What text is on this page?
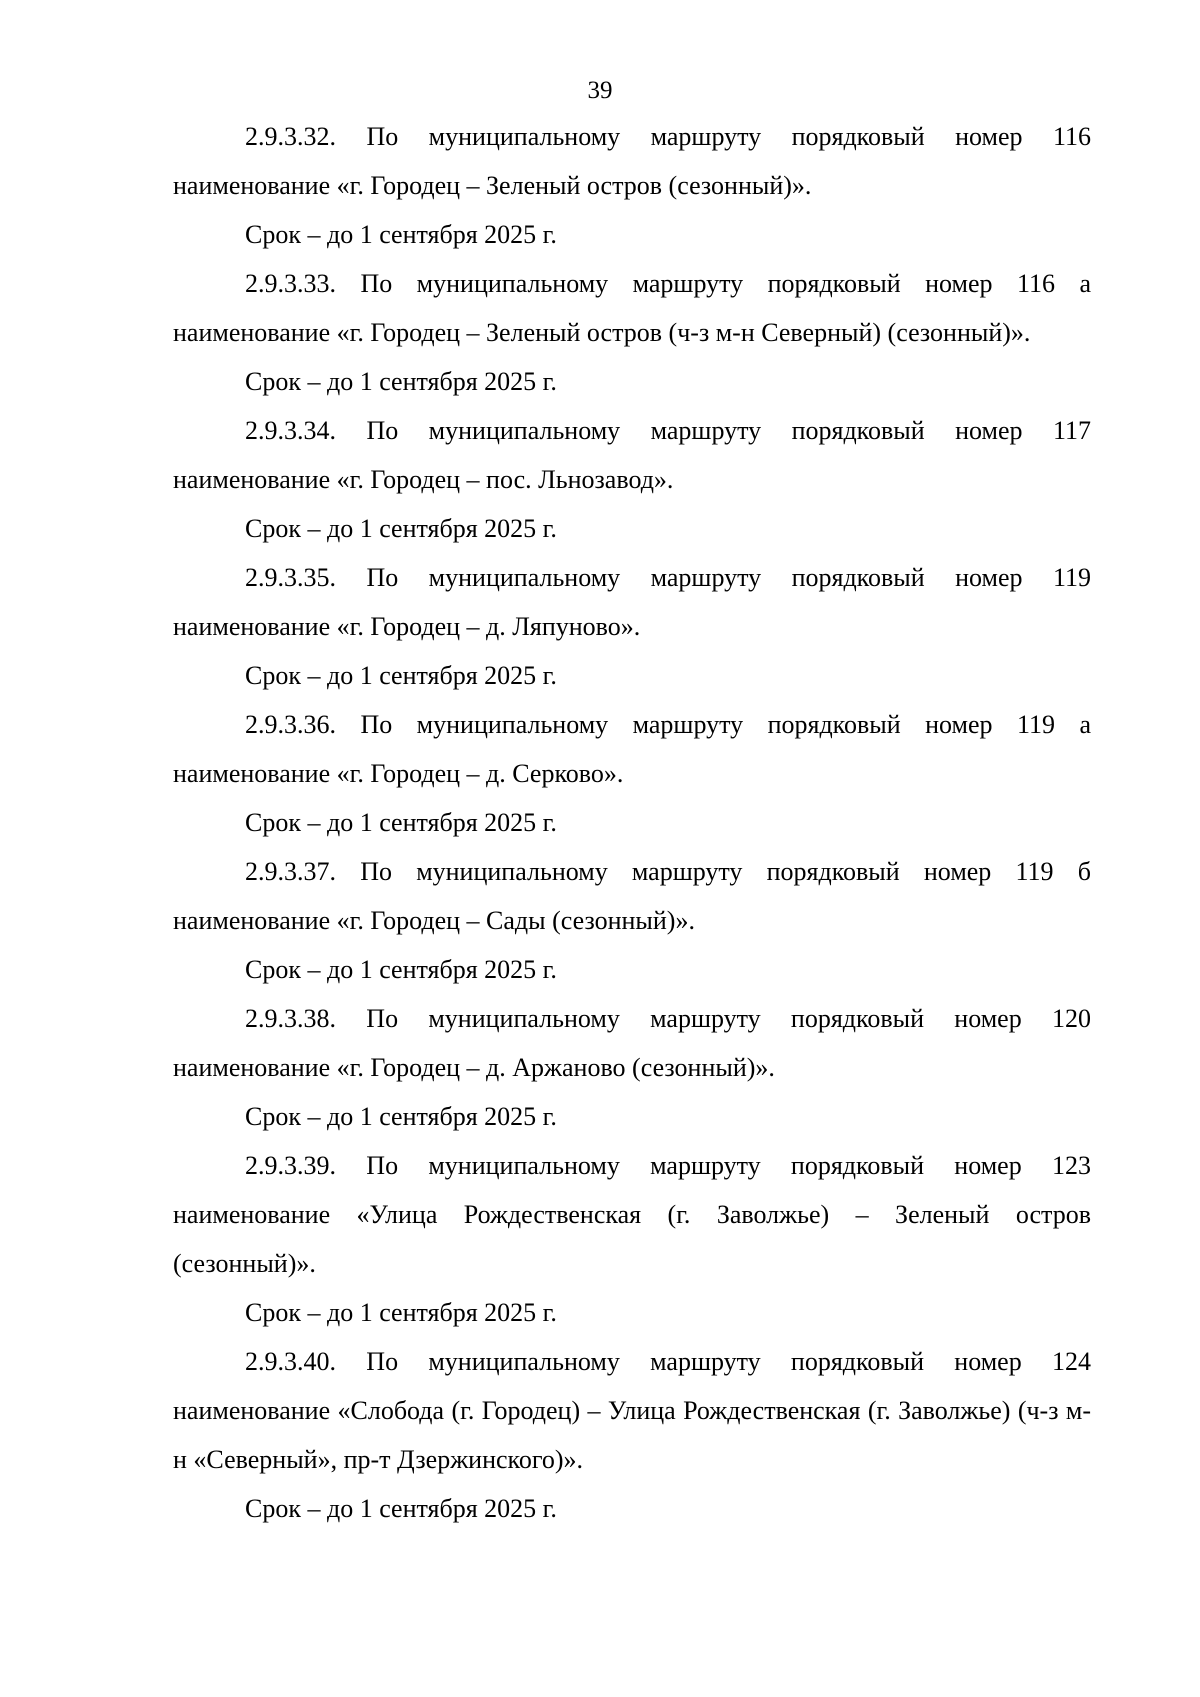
39

2.9.3.32. По муниципальному маршруту порядковый номер 116 наименование «г. Городец – Зеленый остров (сезонный)».

Срок – до 1 сентября 2025 г.

2.9.3.33. По муниципальному маршруту порядковый номер 116 а наименование «г. Городец – Зеленый остров (ч-з м-н Северный) (сезонный)».

Срок – до 1 сентября 2025 г.

2.9.3.34. По муниципальному маршруту порядковый номер 117 наименование «г. Городец – пос. Льнозавод».

Срок – до 1 сентября 2025 г.

2.9.3.35. По муниципальному маршруту порядковый номер 119 наименование «г. Городец – д. Ляпуново».

Срок – до 1 сентября 2025 г.

2.9.3.36. По муниципальному маршруту порядковый номер 119 а наименование «г. Городец – д. Серково».

Срок – до 1 сентября 2025 г.

2.9.3.37. По муниципальному маршруту порядковый номер 119 б наименование «г. Городец – Сады (сезонный)».

Срок – до 1 сентября 2025 г.

2.9.3.38. По муниципальному маршруту порядковый номер 120 наименование «г. Городец – д. Аржаново (сезонный)».

Срок – до 1 сентября 2025 г.

2.9.3.39. По муниципальному маршруту порядковый номер 123 наименование «Улица Рождественская (г. Заволжье) – Зеленый остров (сезонный)».

Срок – до 1 сентября 2025 г.

2.9.3.40. По муниципальному маршруту порядковый номер 124 наименование «Слобода (г. Городец) – Улица Рождественская (г. Заволжье) (ч-з м-н «Северный», пр-т Дзержинского)».

Срок – до 1 сентября 2025 г.
